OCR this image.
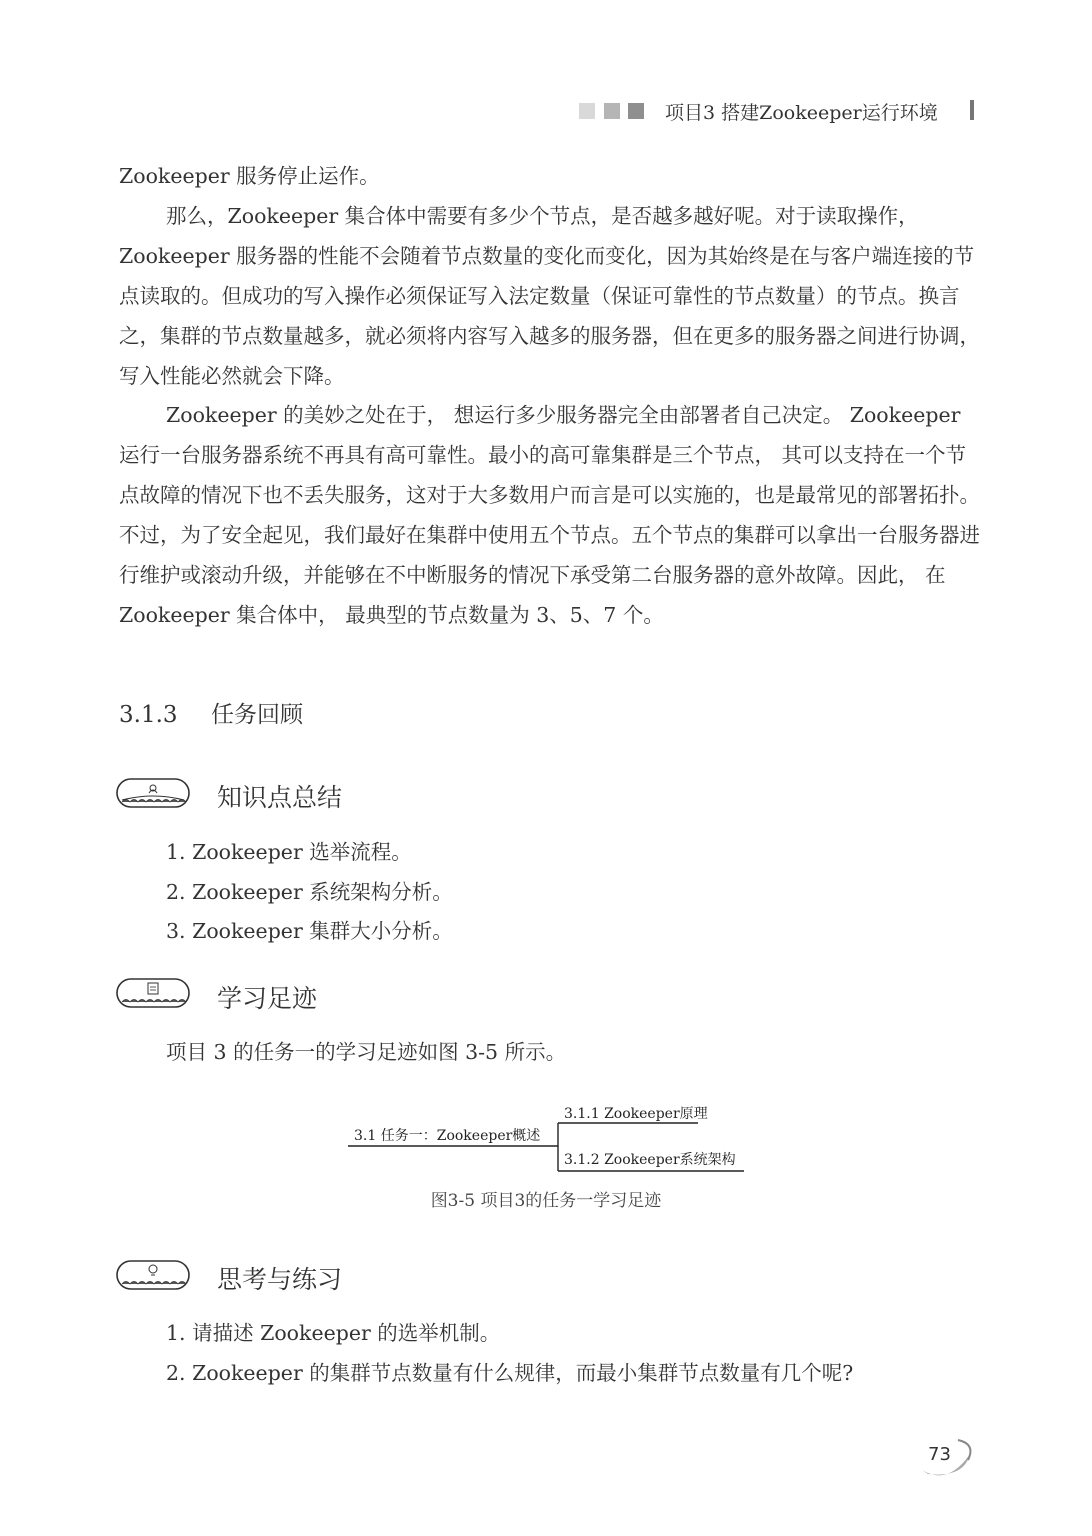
项目3 搭建Zookeeper运行环境

Zookeeper 服务停止运作。

那么，Zookeeper 集合体中需要有多少个节点，是否越多越好呢。对于读取操作，Zookeeper 服务器的性能不会随着节点数量的变化而变化，因为其始终是在与客户端连接的节点读取的。但成功的写入操作必须保证写入法定数量（保证可靠性的节点数量）的节点。换言之，集群的节点数量越多，就必须将内容写入越多的服务器，但在更多的服务器之间进行协调，写入性能必然就会下降。

Zookeeper 的美妙之处在于， 想运行多少服务器完全由部署者自己决定。 Zookeeper 运行一台服务器系统不再具有高可靠性。最小的高可靠集群是三个节点， 其可以支持在一个节点故障的情况下也不丢失服务，这对于大多数用户而言是可以实施的，也是最常见的部署拓扑。不过，为了安全起见，我们最好在集群中使用五个节点。五个节点的集群可以拿出一台服务器进行维护或滚动升级，并能够在不中断服务的情况下承受第二台服务器的意外故障。因此， 在 Zookeeper 集合体中， 最典型的节点数量为 3、5、7 个。

3.1.3 任务回顾
知识点总结

1. Zookeeper 选举流程。

2. Zookeeper 系统架构分析。

3. Zookeeper 集群大小分析。

学习足迹

项目 3 的任务一的学习足迹如图 3-5 所示。

3.1 任务一：Zookeeper概述
3.1.1 Zookeeper原理
3.1.2 Zookeeper系统架构
图3-5 项目3的任务一学习足迹
思考与练习

1. 请描述 Zookeeper 的选举机制。

2. Zookeeper 的集群节点数量有什么规律，而最小集群节点数量有几个呢?

73
